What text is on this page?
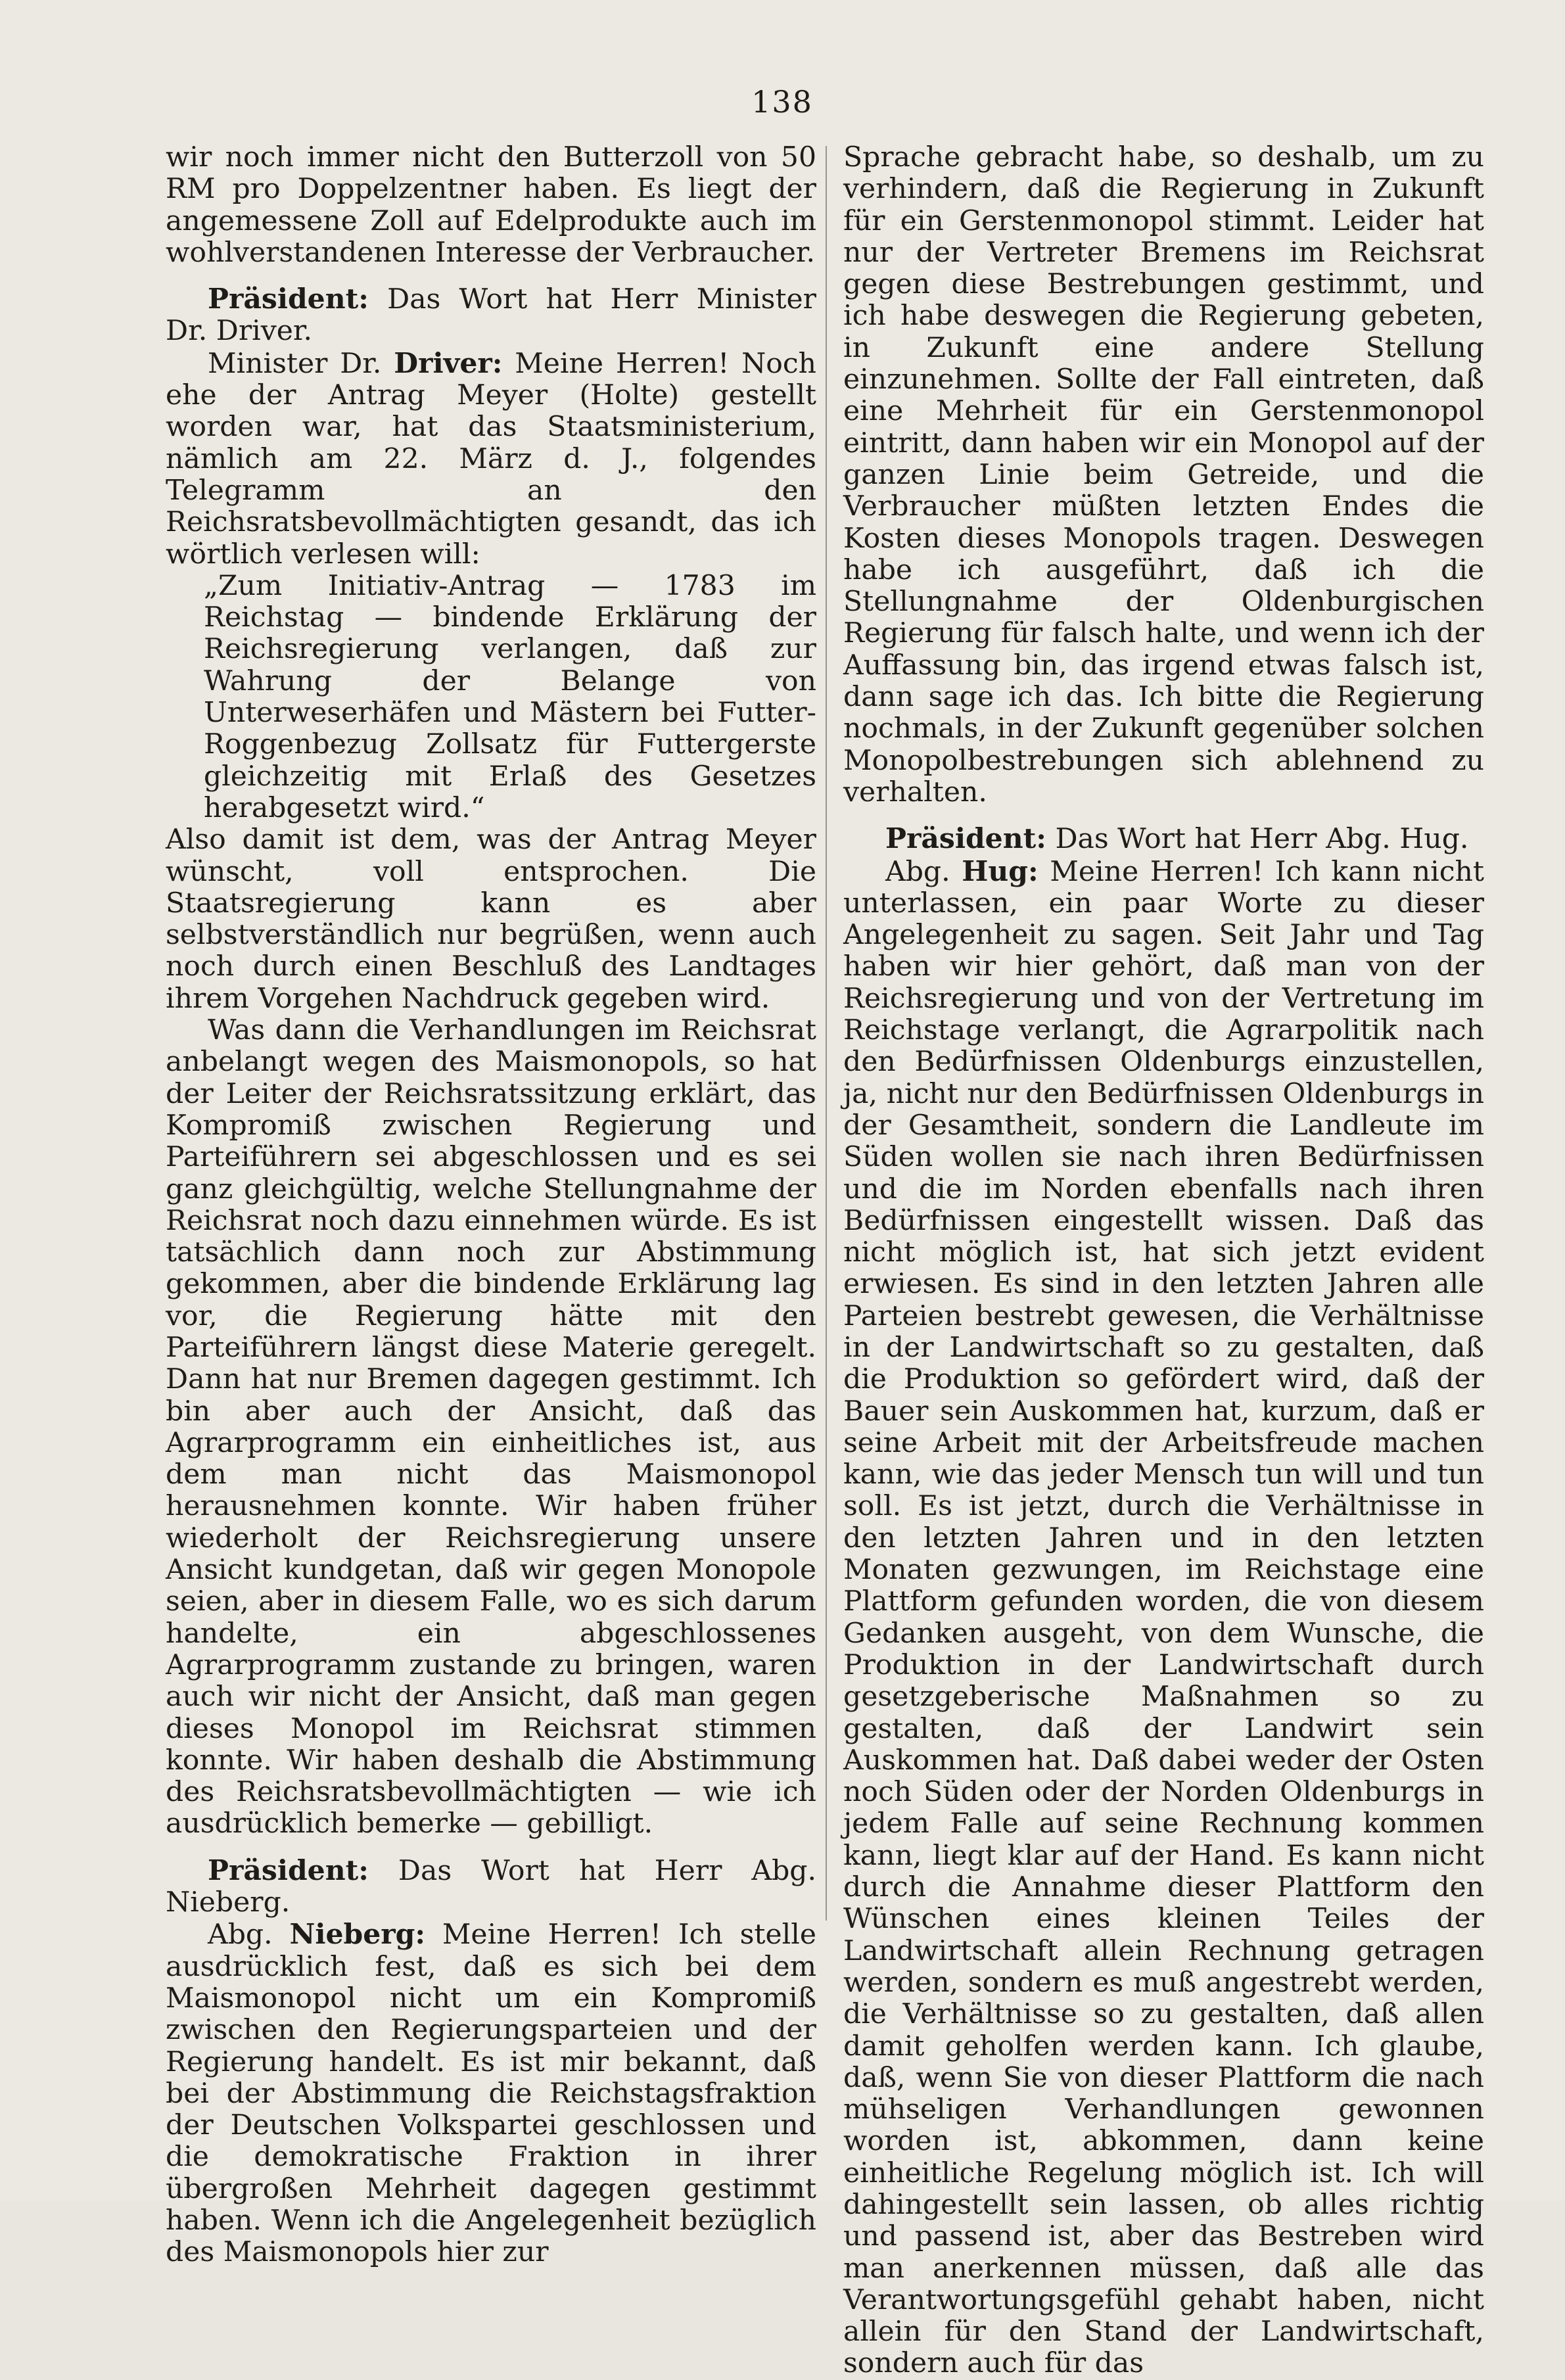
138

wir noch immer nicht den Butterzoll von 50 RM pro Doppelzentner haben. Es liegt der angemessene Zoll auf Edelprodukte auch im wohlverstandenen Interesse der Verbraucher.

Präsident: Das Wort hat Herr Minister Dr. Driver.

Minister Dr. Driver: Meine Herren! Noch ehe der Antrag Meyer (Holte) gestellt worden war, hat das Staatsministerium, nämlich am 22. März d. J., folgendes Telegramm an den Reichsratsbevollmächtigten gesandt, das ich wörtlich verlesen will:

„Zum Initiativ-Antrag — 1783 im Reichstag — bindende Erklärung der Reichsregierung verlangen, daß zur Wahrung der Belange von Unterweserhäfen und Mästern bei Futter-Roggenbezug Zollsatz für Futtergerste gleichzeitig mit Erlaß des Gesetzes herabgesetzt wird.“

Also damit ist dem, was der Antrag Meyer wünscht, voll entsprochen. Die Staatsregierung kann es aber selbstverständlich nur begrüßen, wenn auch noch durch einen Beschluß des Landtages ihrem Vorgehen Nachdruck gegeben wird.

Was dann die Verhandlungen im Reichsrat anbelangt wegen des Maismonopols, so hat der Leiter der Reichsratssitzung erklärt, das Kompromiß zwischen Regierung und Parteiführern sei abgeschlossen und es sei ganz gleichgültig, welche Stellungnahme der Reichsrat noch dazu einnehmen würde. Es ist tatsächlich dann noch zur Abstimmung gekommen, aber die bindende Erklärung lag vor, die Regierung hätte mit den Parteiführern längst diese Materie geregelt. Dann hat nur Bremen dagegen gestimmt. Ich bin aber auch der Ansicht, daß das Agrarprogramm ein einheitliches ist, aus dem man nicht das Maismonopol herausnehmen konnte. Wir haben früher wiederholt der Reichsregierung unsere Ansicht kundgetan, daß wir gegen Monopole seien, aber in diesem Falle, wo es sich darum handelte, ein abgeschlossenes Agrarprogramm zustande zu bringen, waren auch wir nicht der Ansicht, daß man gegen dieses Monopol im Reichsrat stimmen konnte. Wir haben deshalb die Abstimmung des Reichsratsbevollmächtigten — wie ich ausdrücklich bemerke — gebilligt.

Präsident: Das Wort hat Herr Abg. Nieberg.

Abg. Nieberg: Meine Herren! Ich stelle ausdrücklich fest, daß es sich bei dem Maismonopol nicht um ein Kompromiß zwischen den Regierungsparteien und der Regierung handelt. Es ist mir bekannt, daß bei der Abstimmung die Reichstagsfraktion der Deutschen Volkspartei geschlossen und die demokratische Fraktion in ihrer übergroßen Mehrheit dagegen gestimmt haben. Wenn ich die Angelegenheit bezüglich des Maismonopols hier zur

Sprache gebracht habe, so deshalb, um zu verhindern, daß die Regierung in Zukunft für ein Gerstenmonopol stimmt. Leider hat nur der Vertreter Bremens im Reichsrat gegen diese Bestrebungen gestimmt, und ich habe deswegen die Regierung gebeten, in Zukunft eine andere Stellung einzunehmen. Sollte der Fall eintreten, daß eine Mehrheit für ein Gerstenmonopol eintritt, dann haben wir ein Monopol auf der ganzen Linie beim Getreide, und die Verbraucher müßten letzten Endes die Kosten dieses Monopols tragen. Deswegen habe ich ausgeführt, daß ich die Stellungnahme der Oldenburgischen Regierung für falsch halte, und wenn ich der Auffassung bin, das irgend etwas falsch ist, dann sage ich das. Ich bitte die Regierung nochmals, in der Zukunft gegenüber solchen Monopolbestrebungen sich ablehnend zu verhalten.

Präsident: Das Wort hat Herr Abg. Hug.

Abg. Hug: Meine Herren! Ich kann nicht unterlassen, ein paar Worte zu dieser Angelegenheit zu sagen. Seit Jahr und Tag haben wir hier gehört, daß man von der Reichsregierung und von der Vertretung im Reichstage verlangt, die Agrarpolitik nach den Bedürfnissen Oldenburgs einzustellen, ja, nicht nur den Bedürfnissen Oldenburgs in der Gesamtheit, sondern die Landleute im Süden wollen sie nach ihren Bedürfnissen und die im Norden ebenfalls nach ihren Bedürfnissen eingestellt wissen. Daß das nicht möglich ist, hat sich jetzt evident erwiesen. Es sind in den letzten Jahren alle Parteien bestrebt gewesen, die Verhältnisse in der Landwirtschaft so zu gestalten, daß die Produktion so gefördert wird, daß der Bauer sein Auskommen hat, kurzum, daß er seine Arbeit mit der Arbeitsfreude machen kann, wie das jeder Mensch tun will und tun soll. Es ist jetzt, durch die Verhältnisse in den letzten Jahren und in den letzten Monaten gezwungen, im Reichstage eine Plattform gefunden worden, die von diesem Gedanken ausgeht, von dem Wunsche, die Produktion in der Landwirtschaft durch gesetzgeberische Maßnahmen so zu gestalten, daß der Landwirt sein Auskommen hat. Daß dabei weder der Osten noch Süden oder der Norden Oldenburgs in jedem Falle auf seine Rechnung kommen kann, liegt klar auf der Hand. Es kann nicht durch die Annahme dieser Plattform den Wünschen eines kleinen Teiles der Landwirtschaft allein Rechnung getragen werden, sondern es muß angestrebt werden, die Verhältnisse so zu gestalten, daß allen damit geholfen werden kann. Ich glaube, daß, wenn Sie von dieser Plattform die nach mühseligen Verhandlungen gewonnen worden ist, abkommen, dann keine einheitliche Regelung möglich ist. Ich will dahingestellt sein lassen, ob alles richtig und passend ist, aber das Bestreben wird man anerkennen müssen, daß alle das Verantwortungsgefühl gehabt haben, nicht allein für den Stand der Landwirtschaft, sondern auch für das
